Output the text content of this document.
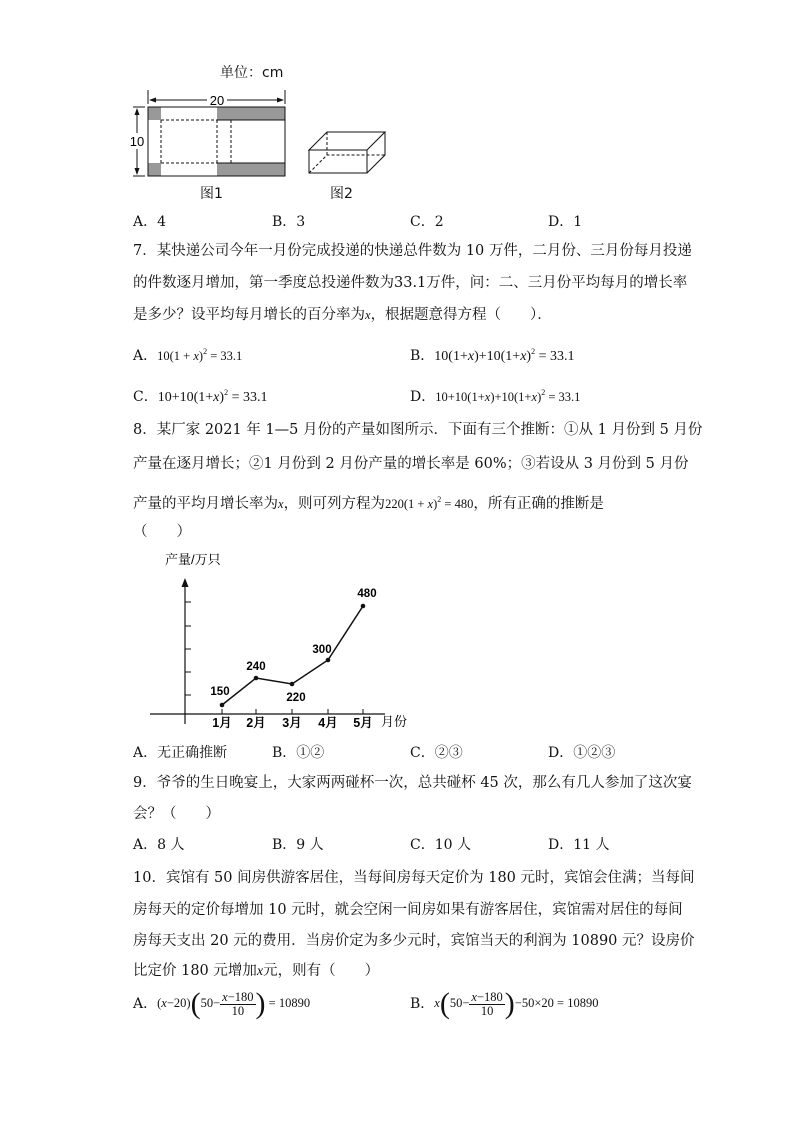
单位：cm
20
10
图1	图2
A．4	B．3	C．2	D．1
7．某快递公司今年一月份完成投递的快递总件数为 10 万件，二月份、三月份每月投递
的件数逐月增加，第一季度总投递件数为33.1万件，问：二、三月份平均每月的增长率
是多少？设平均每月增长的百分率为x，根据题意得方程（　　）．
A．$10(1 + x)^2 = 33.1$	B．$10(1+x)+10(1+x)^2 = 33.1$
C．$10+10(1+x)^2 = 33.1$	D．$10+10(1+x)+10(1+x)^2 = 33.1$
8．某厂家 2021 年 1—5 月份的产量如图所示．下面有三个推断：①从 1 月份到 5 月份
产量在逐月增长；②1 月份到 2 月份产量的增长率是 60%；③若设从 3 月份到 5 月份
产量的平均月增长率为x，则可列方程为$220(1 + x)^2 = 480$，所有正确的推断是
（　　）
产量/万只
月份
150
240
220
300
480
1月 2月 3月 4月 5月
A．无正确推断	B．①②	C．②③	D．①②③
9．爷爷的生日晚宴上，大家两两碰杯一次，总共碰杯 45 次，那么有几人参加了这次宴
会？（　　）
A．8 人	B．9 人	C．10 人	D．11 人
10．宾馆有 50 间房供游客居住，当每间房每天定价为 180 元时，宾馆会住满；当每间
房每天的定价每增加 10 元时，就会空闲一间房如果有游客居住，宾馆需对居住的每间
房每天支出 20 元的费用．当房价定为多少元时，宾馆当天的利润为 10890 元？设房价
比定价 180 元增加x元，则有（　　）
A．$(x-20)(50- \frac{x-180}{10}$ ) = 10890	B．$x(50- \frac{x-180}{10} )-50\times 20 = 10890$
